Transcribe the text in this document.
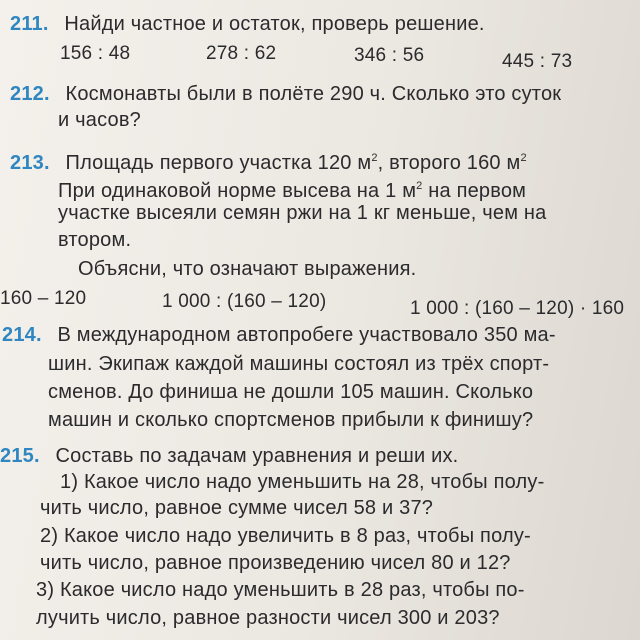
211. Найди частное и остаток, проверь решение.
156 : 48	278 : 62	346 : 56	445 : 73
212. Космонавты были в полёте 290 ч. Сколько это суток
и часов?
213. Площадь первого участка 120 $м^2$, второго 160 $м^2$
При одинаковой норме высева на 1 $м^2$ на первом
участке высеяли семян ржи на 1 кг меньше, чем на
втором.
Объясни, что означают выражения.
160 – 120	1 000 : (160 – 120)	1 000 : (160 – 120) · 160
214. В международном автопробеге участвовало 350 ма-
шин. Экипаж каждой машины состоял из трёх спорт-
сменов. До финиша не дошли 105 машин. Сколько
машин и сколько спортсменов прибыли к финишу?
215. Составь по задачам уравнения и реши их.
1) Какое число надо уменьшить на 28, чтобы полу-
чить число, равное сумме чисел 58 и 37?
2) Какое число надо увеличить в 8 раз, чтобы полу-
чить число, равное произведению чисел 80 и 12?
3) Какое число надо уменьшить в 28 раз, чтобы по-
лучить число, равное разности чисел 300 и 203?
